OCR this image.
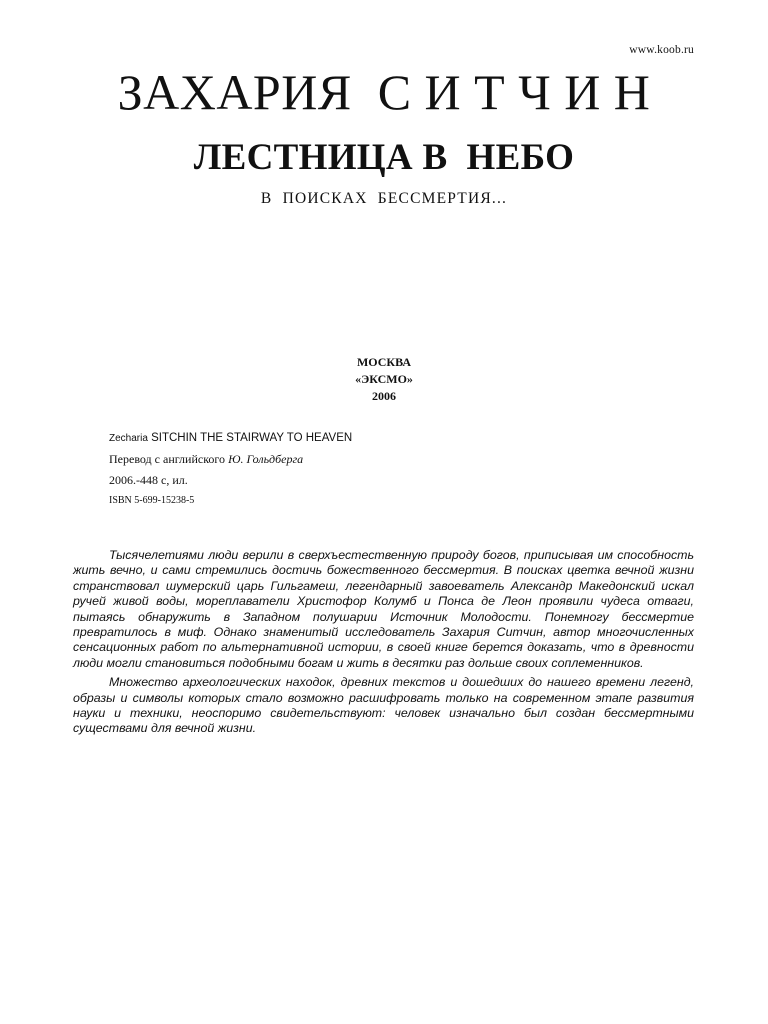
www.koob.ru
ЗАХАРИЯ  С И Т Ч И Н
ЛЕСТНИЦА В  НЕБО
В  ПОИСКАХ  БЕССМЕРТИЯ...
МОСКВА
«ЭКСМО»
2006
Zecharia SITCHIN THE STAIRWAY TO HEAVEN
Перевод с английского Ю. Гольдберга
2006.-448 с, ил.
ISBN 5-699-15238-5

Тысячелетиями люди верили в сверхъестественную природу богов, приписывая им способность жить вечно, и сами стремились достичь божественного бессмертия. В поисках цветка вечной жизни странствовал шумерский царь Гильгамеш, легендарный завоеватель Александр Македонский искал ручей живой воды, мореплаватели Христофор Колумб и Понса де Леон проявили чудеса отваги, пытаясь обнаружить в Западном полушарии Источник Молодости. Понемногу бессмертие превратилось в миф. Однако знаменитый исследователь Захария Ситчин, автор многочисленных сенсационных работ по альтернативной истории, в своей книге берется доказать, что в древности люди могли становиться подобными богам и жить в десятки раз дольше своих соплеменников.

Множество археологических находок, древних текстов и дошедших до нашего времени легенд, образы и символы которых стало возможно расшифровать только на современном этапе развития науки и техники, неоспоримо свидетельствуют: человек изначально был создан бессмертными существами для вечной жизни.
